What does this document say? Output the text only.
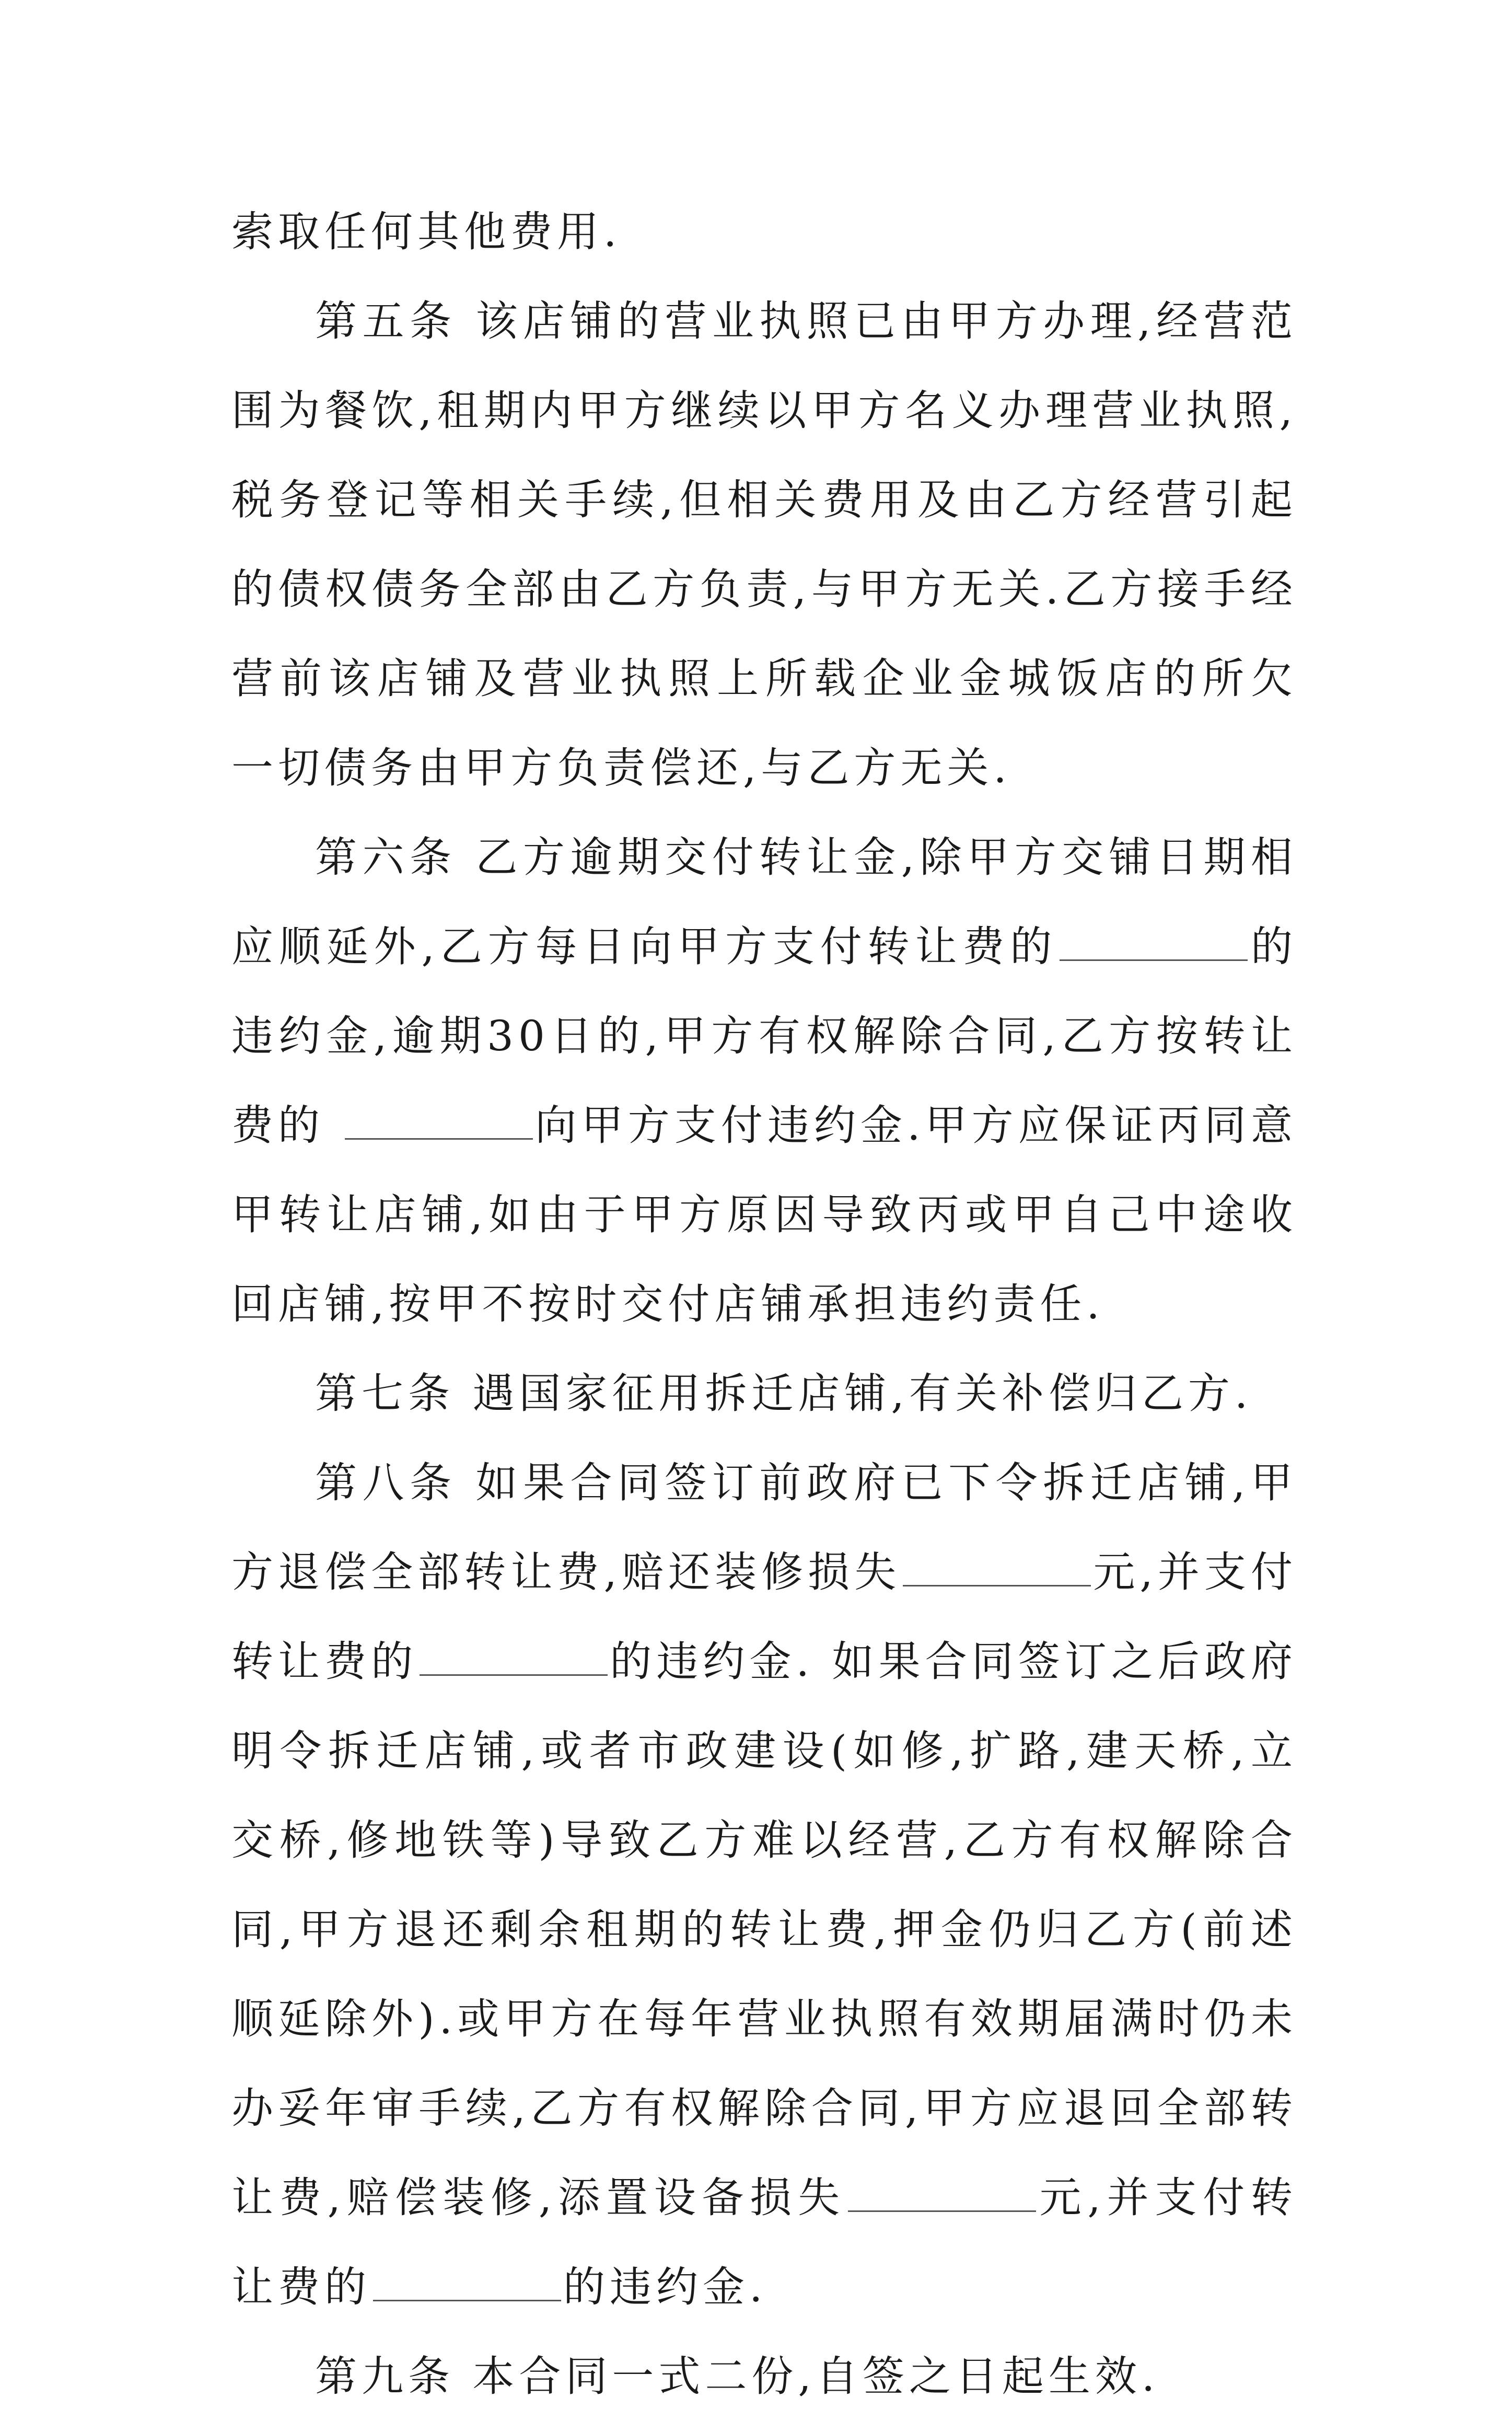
索取任何其他费用.

第五条 该店铺的营业执照已由甲方办理,经营范围为餐饮,租期内甲方继续以甲方名义办理营业执照,税务登记等相关手续,但相关费用及由乙方经营引起的债权债务全部由乙方负责,与甲方无关.乙方接手经营前该店铺及营业执照上所载企业金城饭店的所欠一切债务由甲方负责偿还,与乙方无关.

第六条 乙方逾期交付转让金,除甲方交铺日期相应顺延外,乙方每日向甲方支付转让费的	的违约金,逾期30日的,甲方有权解除合同,乙方按转让费的	向甲方支付违约金.甲方应保证丙同意甲转让店铺,如由于甲方原因导致丙或甲自己中途收回店铺,按甲不按时交付店铺承担违约责任.

第七条 遇国家征用拆迁店铺,有关补偿归乙方.

第八条 如果合同签订前政府已下令拆迁店铺,甲方退偿全部转让费,赔还装修损失	元,并支付转让费的	的违约金. 如果合同签订之后政府明令拆迁店铺,或者市政建设(如修,扩路,建天桥,立交桥,修地铁等)导致乙方难以经营,乙方有权解除合同,甲方退还剩余租期的转让费,押金仍归乙方(前述顺延除外).或甲方在每年营业执照有效期届满时仍未办妥年审手续,乙方有权解除合同,甲方应退回全部转让费,赔偿装修,添置设备损失	元,并支付转让费的	的违约金.

第九条 本合同一式二份,自签之日起生效.
